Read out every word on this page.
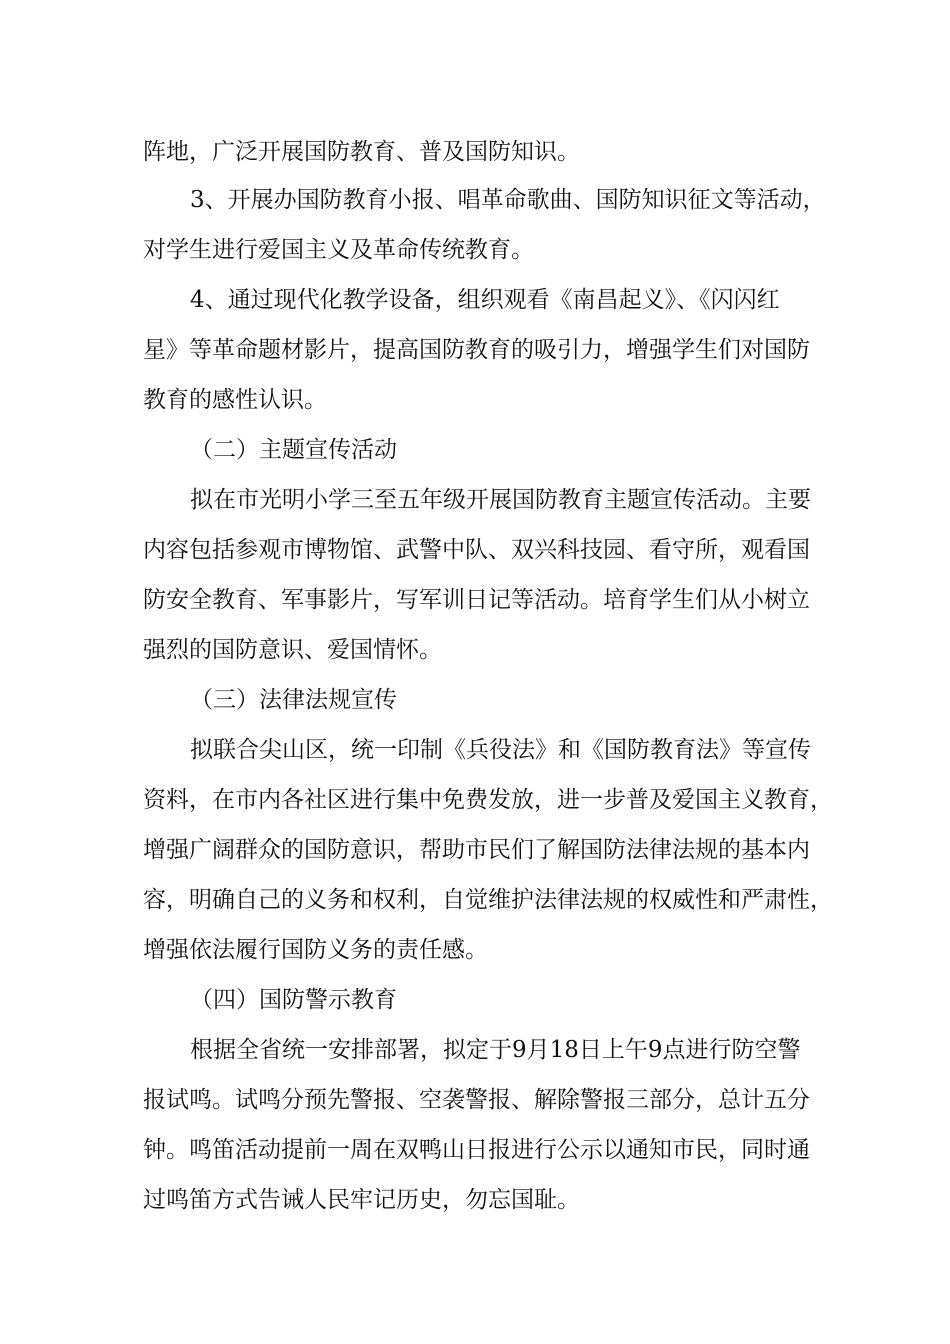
阵地，广泛开展国防教育、普及国防知识。
3、开展办国防教育小报、唱革命歌曲、国防知识征文等活动，
对学生进行爱国主义及革命传统教育。
4、通过现代化教学设备，组织观看《南昌起义》、《闪闪红
星》等革命题材影片，提高国防教育的吸引力，增强学生们对国防
教育的感性认识。
（二）主题宣传活动
拟在市光明小学三至五年级开展国防教育主题宣传活动。主要
内容包括参观市博物馆、武警中队、双兴科技园、看守所，观看国
防安全教育、军事影片，写军训日记等活动。培育学生们从小树立
强烈的国防意识、爱国情怀。
（三）法律法规宣传
拟联合尖山区，统一印制《兵役法》和《国防教育法》等宣传
资料，在市内各社区进行集中免费发放，进一步普及爱国主义教育，
增强广阔群众的国防意识，帮助市民们了解国防法律法规的基本内
容，明确自己的义务和权利，自觉维护法律法规的权威性和严肃性，
增强依法履行国防义务的责任感。
（四）国防警示教育
根据全省统一安排部署，拟定于9月18日上午9点进行防空警
报试鸣。试鸣分预先警报、空袭警报、解除警报三部分，总计五分
钟。鸣笛活动提前一周在双鸭山日报进行公示以通知市民，同时通
过鸣笛方式告诫人民牢记历史，勿忘国耻。
